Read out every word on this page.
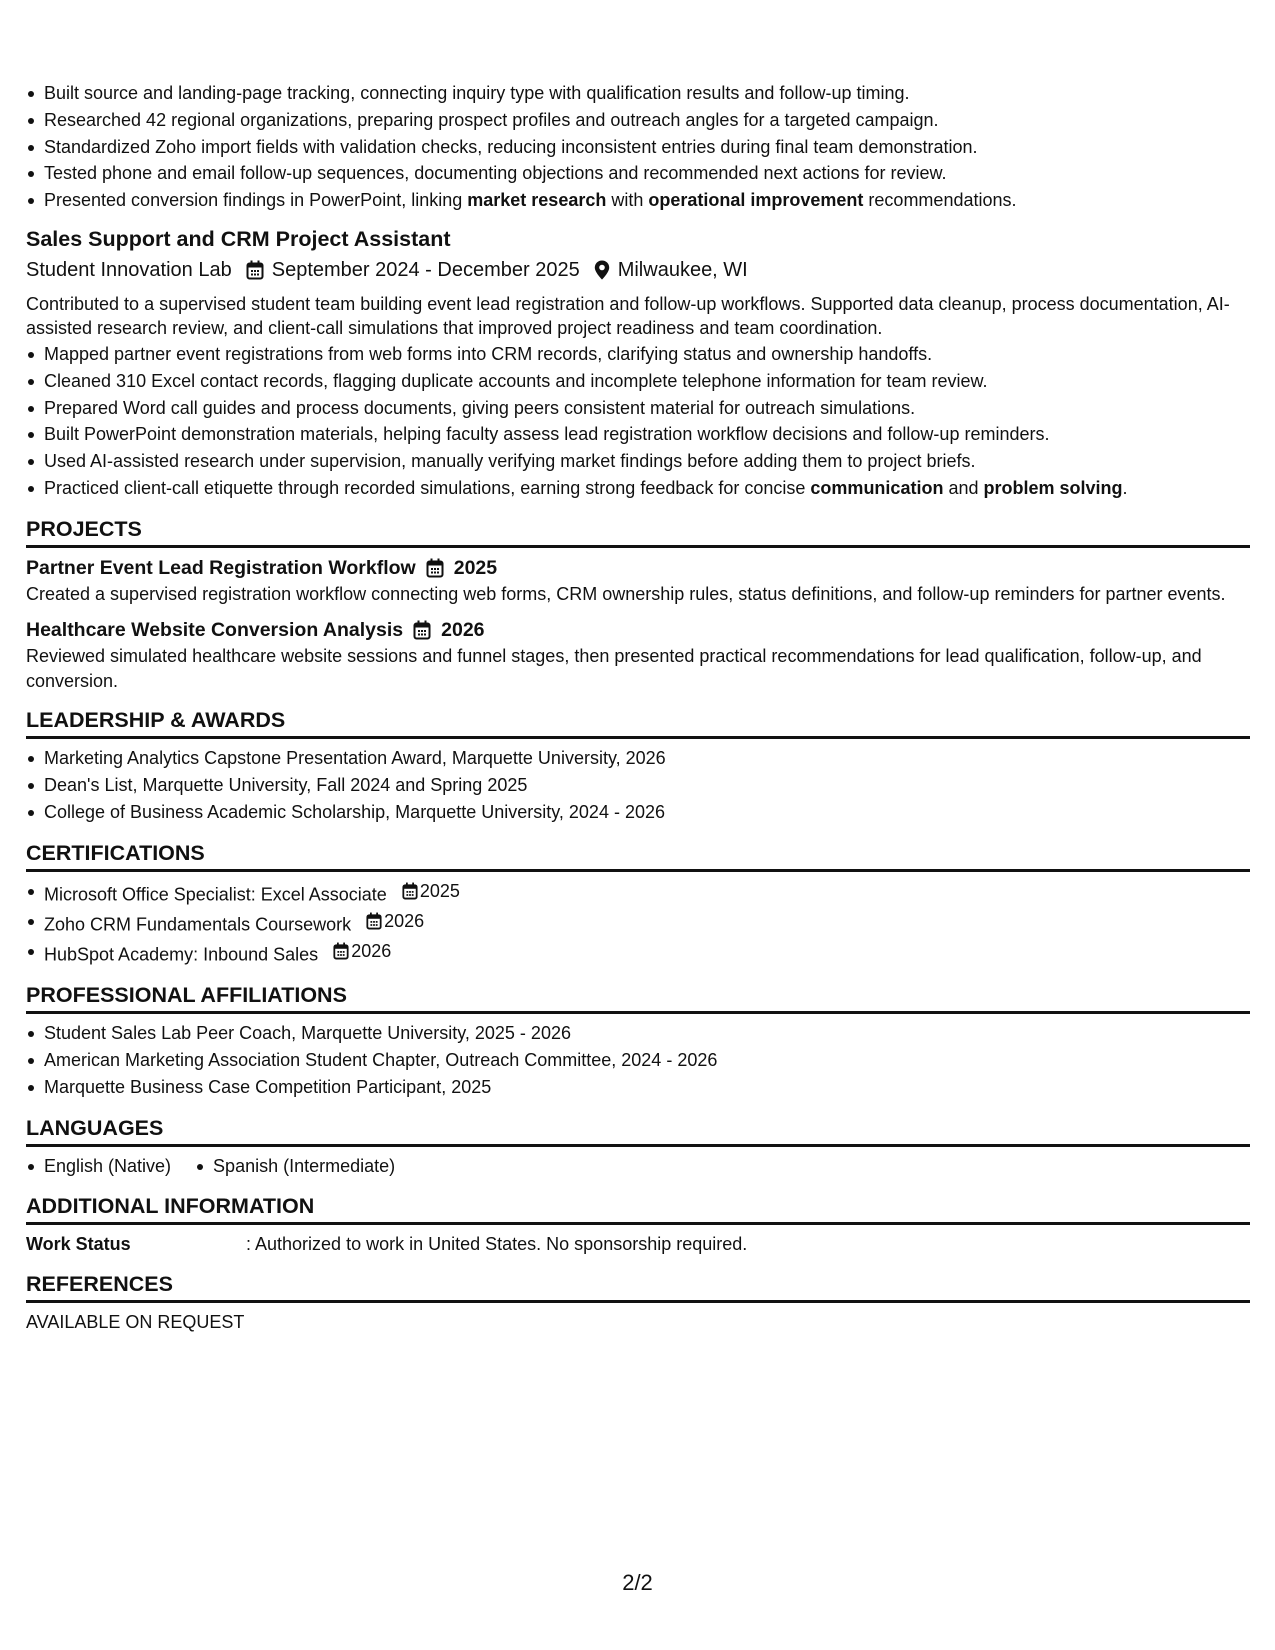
Built source and landing-page tracking, connecting inquiry type with qualification results and follow-up timing.
Researched 42 regional organizations, preparing prospect profiles and outreach angles for a targeted campaign.
Standardized Zoho import fields with validation checks, reducing inconsistent entries during final team demonstration.
Tested phone and email follow-up sequences, documenting objections and recommended next actions for review.
Presented conversion findings in PowerPoint, linking market research with operational improvement recommendations.
Sales Support and CRM Project Assistant
Student Innovation Lab September 2024 - December 2025 Milwaukee, WI
Contributed to a supervised student team building event lead registration and follow-up workflows. Supported data cleanup, process documentation, AI-assisted research review, and client-call simulations that improved project readiness and team coordination.
Mapped partner event registrations from web forms into CRM records, clarifying status and ownership handoffs.
Cleaned 310 Excel contact records, flagging duplicate accounts and incomplete telephone information for team review.
Prepared Word call guides and process documents, giving peers consistent material for outreach simulations.
Built PowerPoint demonstration materials, helping faculty assess lead registration workflow decisions and follow-up reminders.
Used AI-assisted research under supervision, manually verifying market findings before adding them to project briefs.
Practiced client-call etiquette through recorded simulations, earning strong feedback for concise communication and problem solving.
PROJECTS
Partner Event Lead Registration Workflow 2025
Created a supervised registration workflow connecting web forms, CRM ownership rules, status definitions, and follow-up reminders for partner events.
Healthcare Website Conversion Analysis 2026
Reviewed simulated healthcare website sessions and funnel stages, then presented practical recommendations for lead qualification, follow-up, and conversion.
LEADERSHIP & AWARDS
Marketing Analytics Capstone Presentation Award, Marquette University, 2026
Dean's List, Marquette University, Fall 2024 and Spring 2025
College of Business Academic Scholarship, Marquette University, 2024 - 2026
CERTIFICATIONS
Microsoft Office Specialist: Excel Associate 2025
Zoho CRM Fundamentals Coursework 2026
HubSpot Academy: Inbound Sales 2026
PROFESSIONAL AFFILIATIONS
Student Sales Lab Peer Coach, Marquette University, 2025 - 2026
American Marketing Association Student Chapter, Outreach Committee, 2024 - 2026
Marquette Business Case Competition Participant, 2025
LANGUAGES
English (Native)	Spanish (Intermediate)
ADDITIONAL INFORMATION
Work Status	: Authorized to work in United States. No sponsorship required.
REFERENCES
AVAILABLE ON REQUEST
2/2
